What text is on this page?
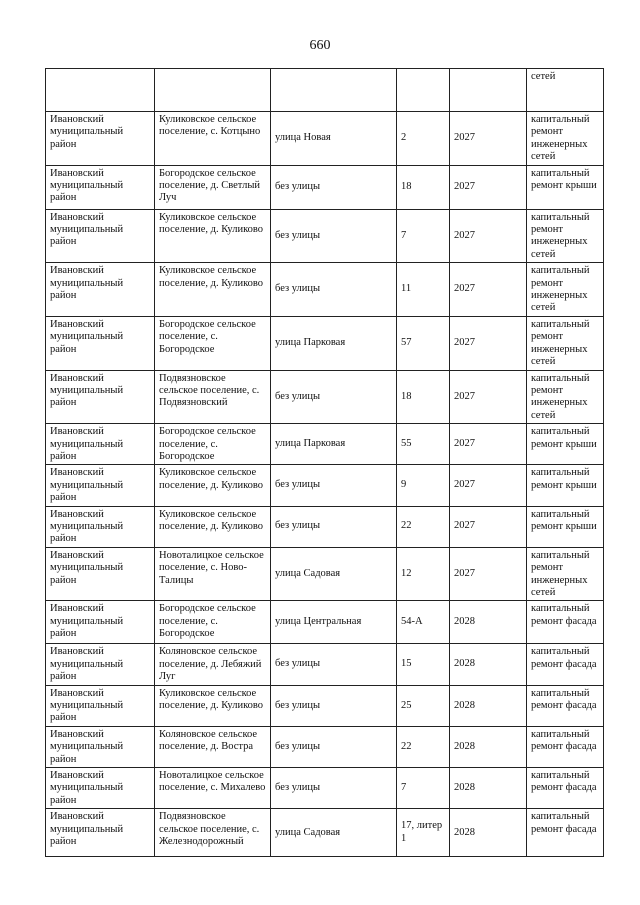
660
					сетей
Ивановский муниципальный район	Куликовское сельское поселение, с. Котцыно	улица Новая	2	2027	капитальный ремонт инженерных сетей
Ивановский муниципальный район	Богородское сельское поселение, д. Светлый Луч	без улицы	18	2027	капитальный ремонт крыши
Ивановский муниципальный район	Куликовское сельское поселение, д. Куликово	без улицы	7	2027	капитальный ремонт инженерных сетей
Ивановский муниципальный район	Куликовское сельское поселение, д. Куликово	без улицы	11	2027	капитальный ремонт инженерных сетей
Ивановский муниципальный район	Богородское сельское поселение, с. Богородское	улица Парковая	57	2027	капитальный ремонт инженерных сетей
Ивановский муниципальный район	Подвязновское сельское поселение, с. Подвязновский	без улицы	18	2027	капитальный ремонт инженерных сетей
Ивановский муниципальный район	Богородское сельское поселение, с. Богородское	улица Парковая	55	2027	капитальный ремонт крыши
Ивановский муниципальный район	Куликовское сельское поселение, д. Куликово	без улицы	9	2027	капитальный ремонт крыши
Ивановский муниципальный район	Куликовское сельское поселение, д. Куликово	без улицы	22	2027	капитальный ремонт крыши
Ивановский муниципальный район	Новоталицкое сельское поселение, с. Ново-Талицы	улица Садовая	12	2027	капитальный ремонт инженерных сетей
Ивановский муниципальный район	Богородское сельское поселение, с. Богородское	улица Центральная	54-А	2028	капитальный ремонт фасада
Ивановский муниципальный район	Коляновское сельское поселение, д. Лебяжий Луг	без улицы	15	2028	капитальный ремонт фасада
Ивановский муниципальный район	Куликовское сельское поселение, д. Куликово	без улицы	25	2028	капитальный ремонт фасада
Ивановский муниципальный район	Коляновское сельское поселение, д. Востра	без улицы	22	2028	капитальный ремонт фасада
Ивановский муниципальный район	Новоталицкое сельское поселение, с. Михалево	без улицы	7	2028	капитальный ремонт фасада
Ивановский муниципальный район	Подвязновское сельское поселение, с. Железнодорожный	улица Садовая	17, литер 1	2028	капитальный ремонт фасада
